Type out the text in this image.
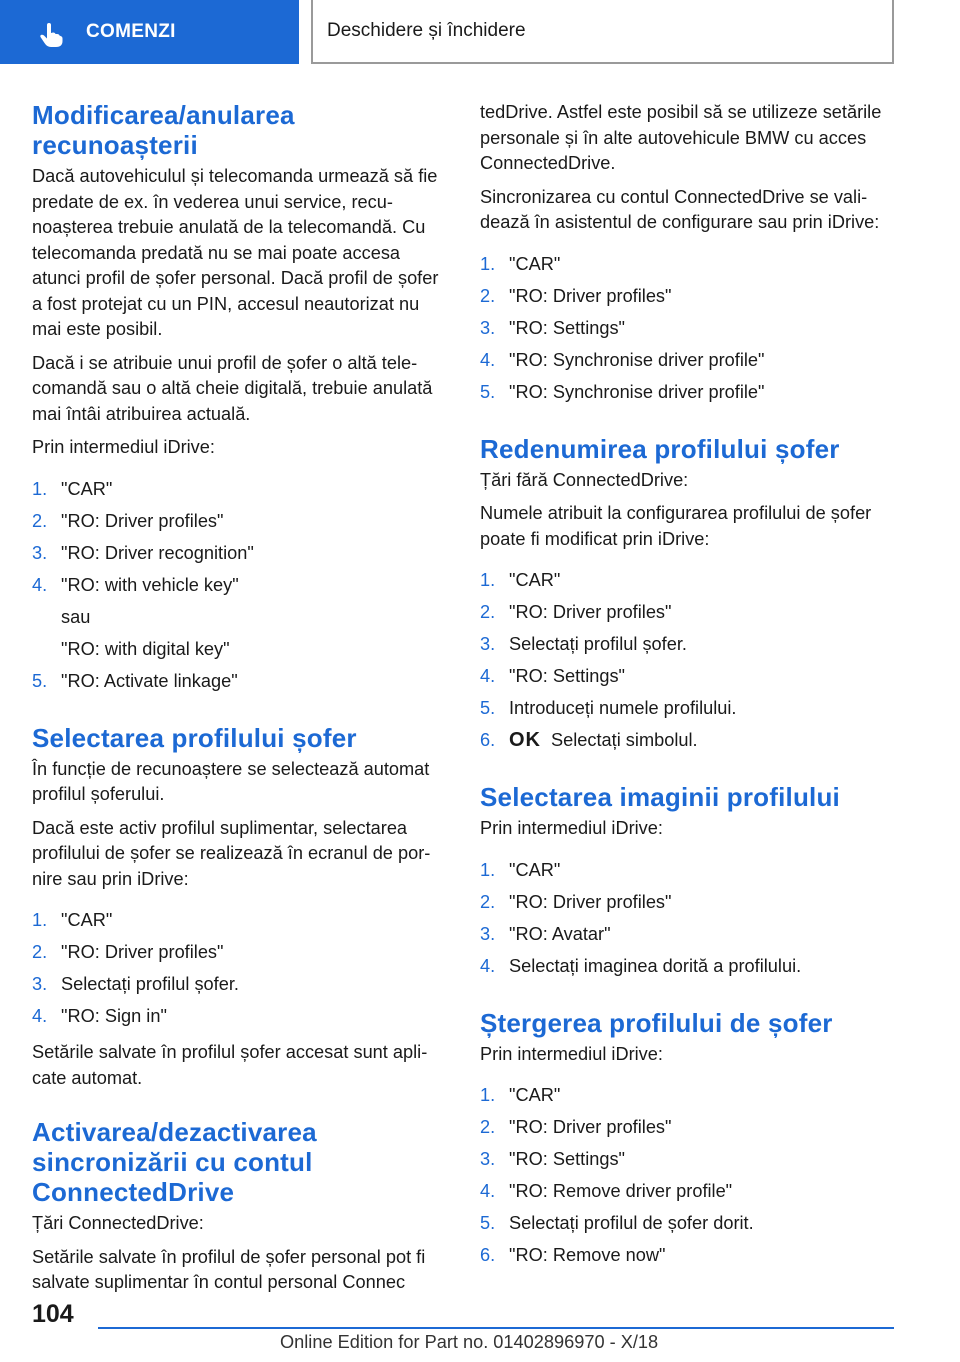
COMENZI	Deschidere și închidere
Modificarea/anularea recunoașterii

Dacă autovehiculul și telecomanda urmează să fie predate de ex. în vederea unui service, recunoașterea trebuie anulată de la telecomandă. Cu telecomanda predată nu se mai poate accesa atunci profil de șofer personal. Dacă profil de șofer a fost protejat cu un PIN, accesul neautorizat nu mai este posibil.

Dacă i se atribuie unui profil de șofer o altă telecomandă sau o altă cheie digitală, trebuie anulată mai întâi atribuirea actuală.

Prin intermediul iDrive:

1. "CAR"
2. "RO: Driver profiles"
3. "RO: Driver recognition"
4. "RO: with vehicle key"
sau
"RO: with digital key"
5. "RO: Activate linkage"
Selectarea profilului șofer

În funcție de recunoaștere se selectează automat profilul șoferului.

Dacă este activ profilul suplimentar, selectarea profilului de șofer se realizează în ecranul de pornire sau prin iDrive:

1. "CAR"
2. "RO: Driver profiles"
3. Selectați profilul șofer.
4. "RO: Sign in"

Setările salvate în profilul șofer accesat sunt aplicate automat.

Activarea/dezactivarea sincronizării cu contul ConnectedDrive

Țări ConnectedDrive:

Setările salvate în profilul de șofer personal pot fi salvate suplimentar în contul personal Connec

tedDrive. Astfel este posibil să se utilizeze setările personale și în alte autovehicule BMW cu acces ConnectedDrive.

Sincronizarea cu contul ConnectedDrive se validează în asistentul de configurare sau prin iDrive:

1. "CAR"
2. "RO: Driver profiles"
3. "RO: Settings"
4. "RO: Synchronise driver profile"
5. "RO: Synchronise driver profile"
Redenumirea profilului șofer

Țări fără ConnectedDrive:

Numele atribuit la configurarea profilului de șofer poate fi modificat prin iDrive:

1. "CAR"
2. "RO: Driver profiles"
3. Selectați profilul șofer.
4. "RO: Settings"
5. Introduceți numele profilului.
6. OK Selectați simbolul.
Selectarea imaginii profilului

Prin intermediul iDrive:

1. "CAR"
2. "RO: Driver profiles"
3. "RO: Avatar"
4. Selectați imaginea dorită a profilului.
Ștergerea profilului de șofer

Prin intermediul iDrive:

1. "CAR"
2. "RO: Driver profiles"
3. "RO: Settings"
4. "RO: Remove driver profile"
5. Selectați profilul de șofer dorit.
6. "RO: Remove now"
104
Online Edition for Part no. 01402896970 - X/18
